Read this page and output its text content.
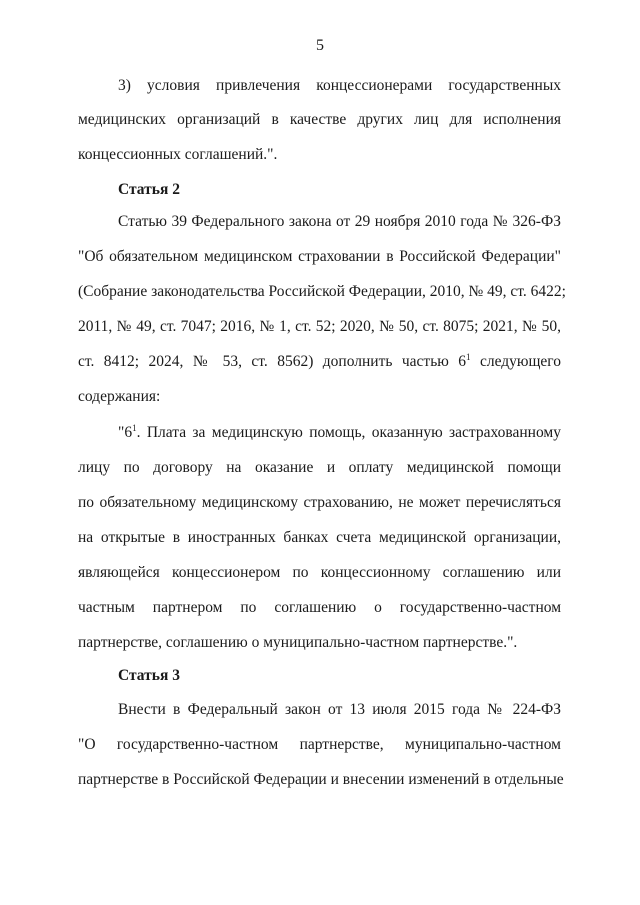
5
3) условия привлечения концессионерами государственных
медицинских организаций в качестве других лиц для исполнения
концессионных соглашений.".
Статья 2
Статью 39 Федерального закона от 29 ноября 2010 года № 326-ФЗ
"Об обязательном медицинском страховании в Российской Федерации"
(Собрание законодательства Российской Федерации, 2010, № 49, ст. 6422;
2011, № 49, ст. 7047; 2016, № 1, ст. 52; 2020, № 50, ст. 8075; 2021, № 50,
ст. 8412; 2024, № 53, ст. 8562) дополнить частью $6^1$ следующего
содержания:
"$6^1$. Плата за медицинскую помощь, оказанную застрахованному
лицу по договору на оказание и оплату медицинской помощи
по обязательному медицинскому страхованию, не может перечисляться
на открытые в иностранных банках счета медицинской организации,
являющейся концессионером по концессионному соглашению или
частным партнером по соглашению о государственно-частном
партнерстве, соглашению о муниципально-частном партнерстве.".
Статья 3
Внести в Федеральный закон от 13 июля 2015 года № 224-ФЗ
"О государственно-частном партнерстве, муниципально-частном
партнерстве в Российской Федерации и внесении изменений в отдельные
